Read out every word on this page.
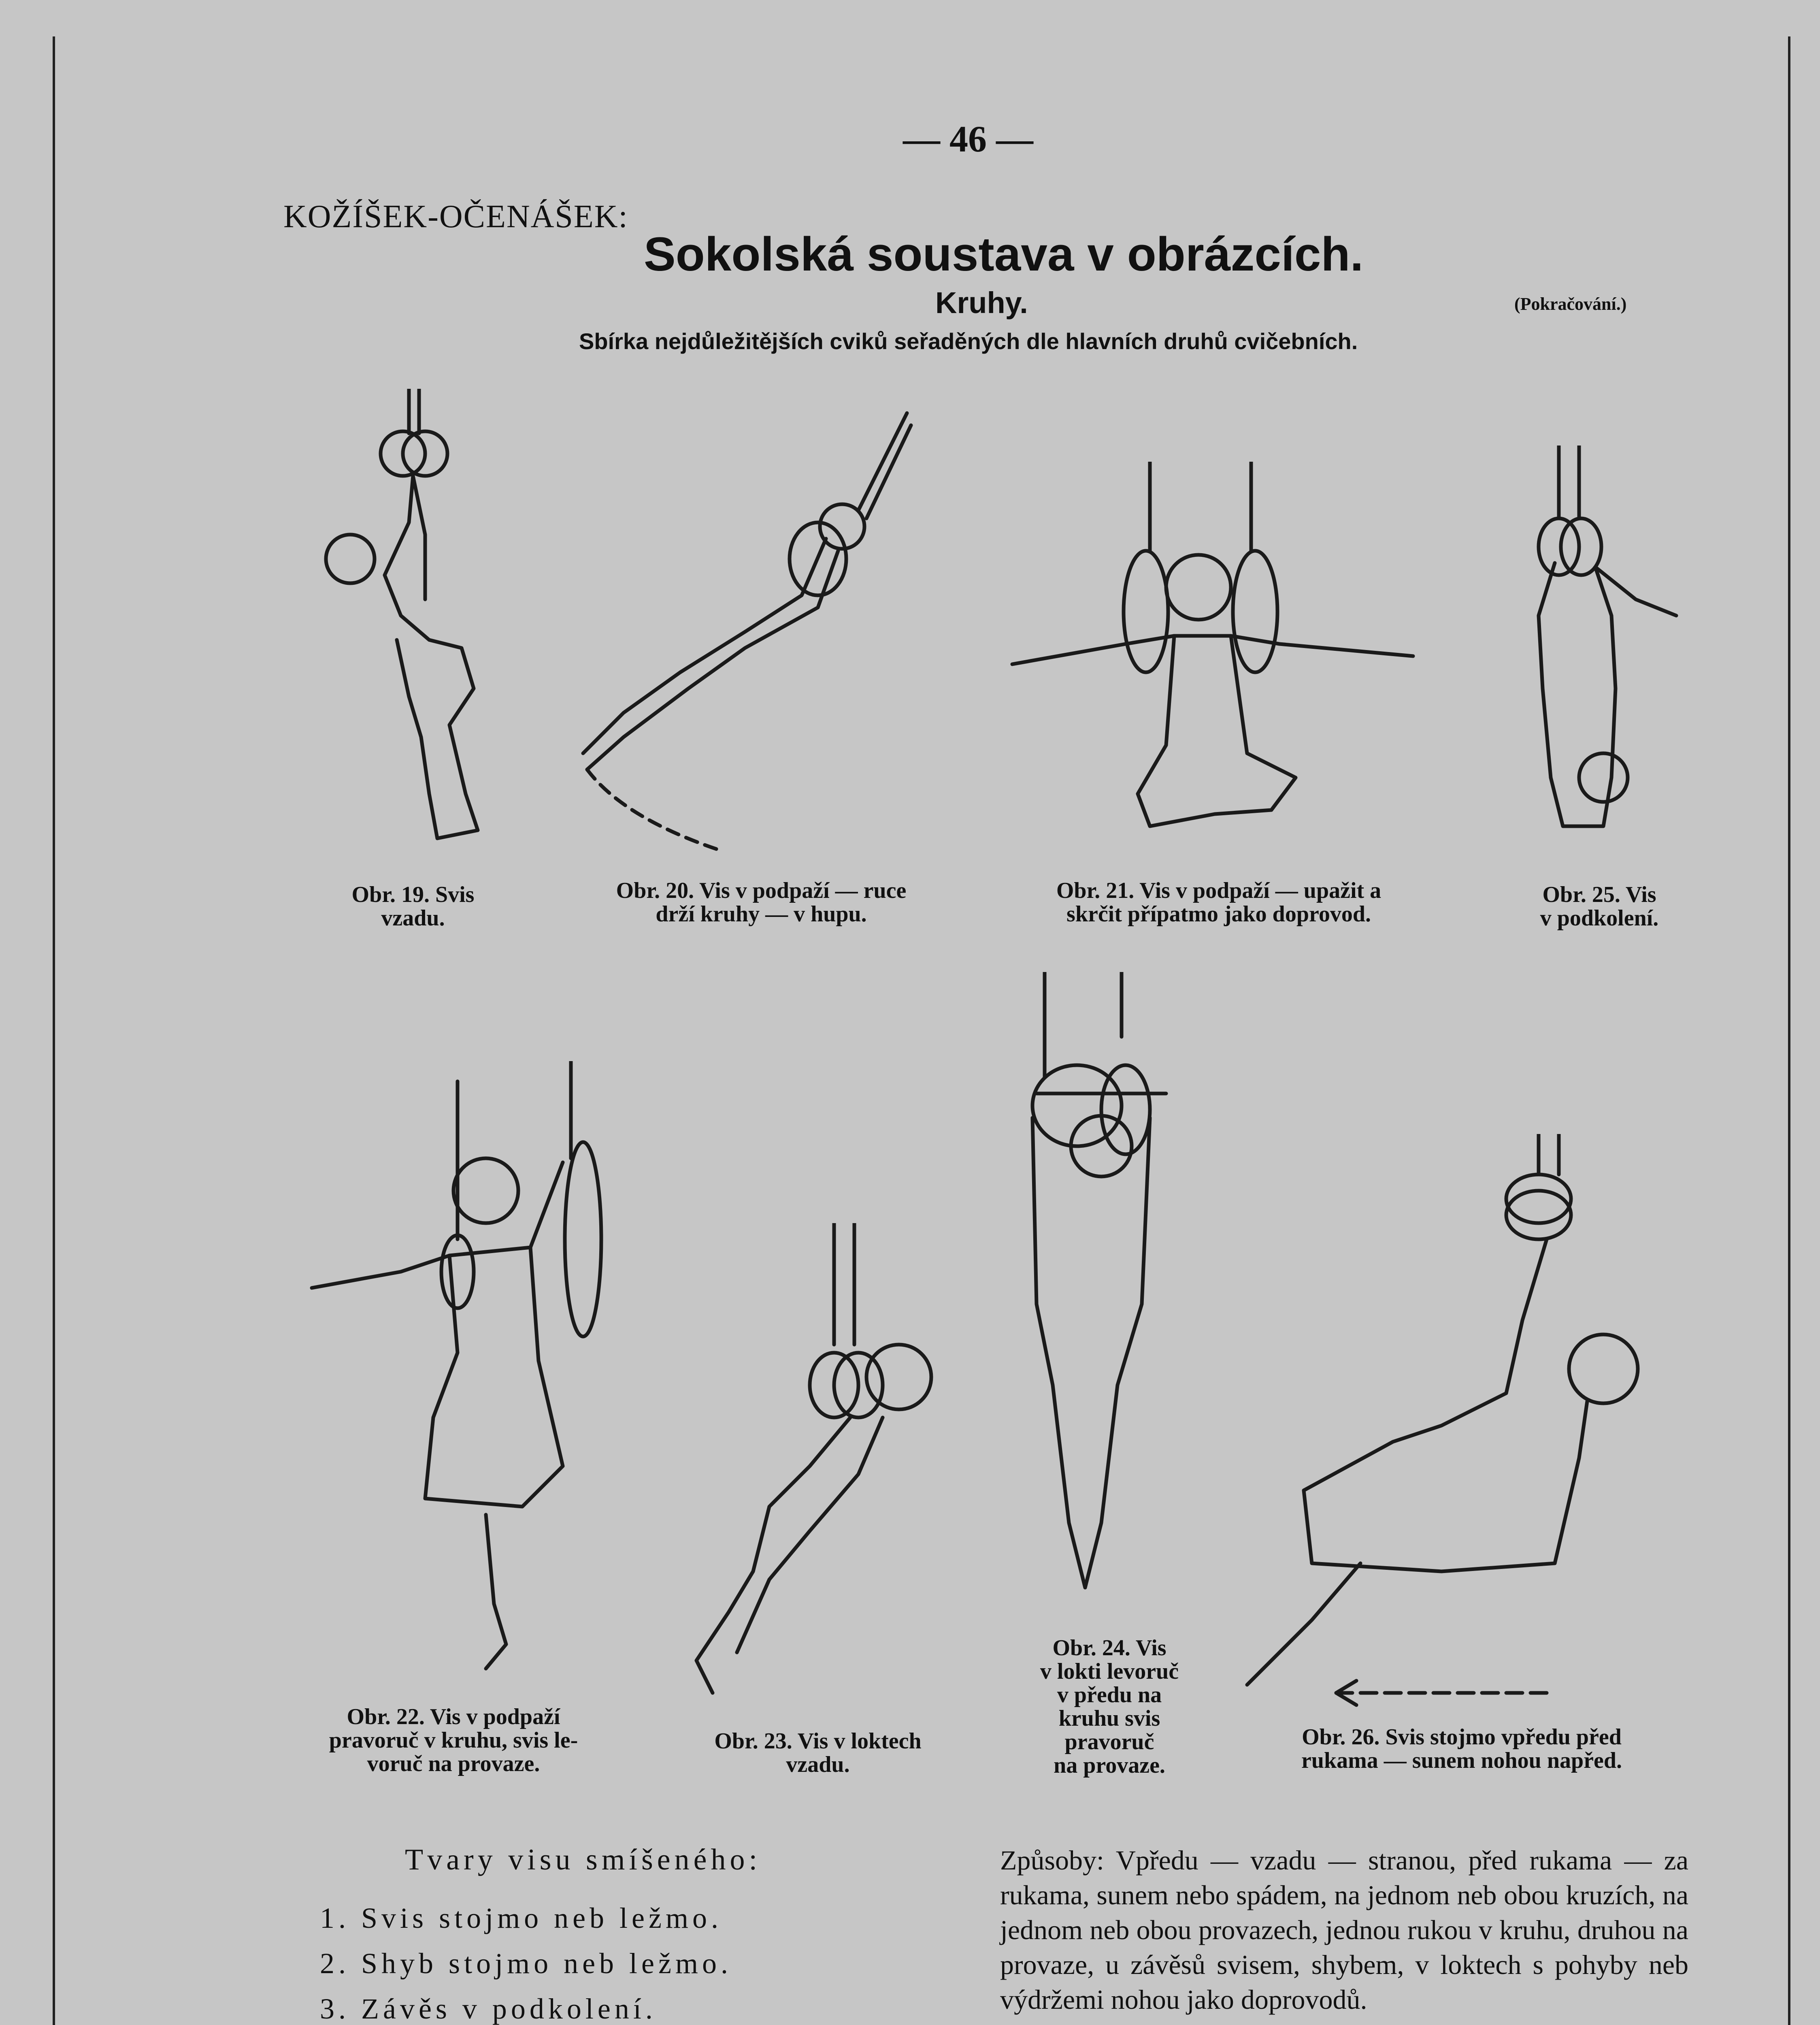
— 46 —
KOŽÍŠEK-OČENÁŠEK:
Sokolská soustava v obrázcích.
Kruhy.	(Pokračování.)
Sbírka nejdůležitějších cviků seřaděných dle hlavních druhů cvičebních.
Obr. 19. Svis
vzadu.
Obr. 20. Vis v podpaží — ruce
drží kruhy — v hupu.
Obr. 21. Vis v podpaží — upažit a
skrčit přípatmo jako doprovod.
Obr. 25. Vis
v podkolení.
Obr. 22. Vis v podpaží
pravoruč v kruhu, svis le-
voruč na provaze.
Obr. 23. Vis v loktech
vzadu.
Obr. 24. Vis
v lokti levoruč
v předu na
kruhu svis
pravoruč
na provaze.
Obr. 26. Svis stojmo vpředu před
rukama — sunem nohou napřed.
Tvary visu smíšeného:
1. Svis stojmo neb ležmo.
2. Shyb stojmo neb ležmo.
3. Závěs v podkolení.
Způsoby: Vpředu — vzadu — stranou, před rukama — za rukama, sunem nebo spádem, na jednom neb obou kruzích, na jednom neb obou provazech, jednou rukou v kruhu, druhou na provaze, u závěsů svisem, shybem, v loktech s pohyby neb výdržemi nohou jako doprovodů.
